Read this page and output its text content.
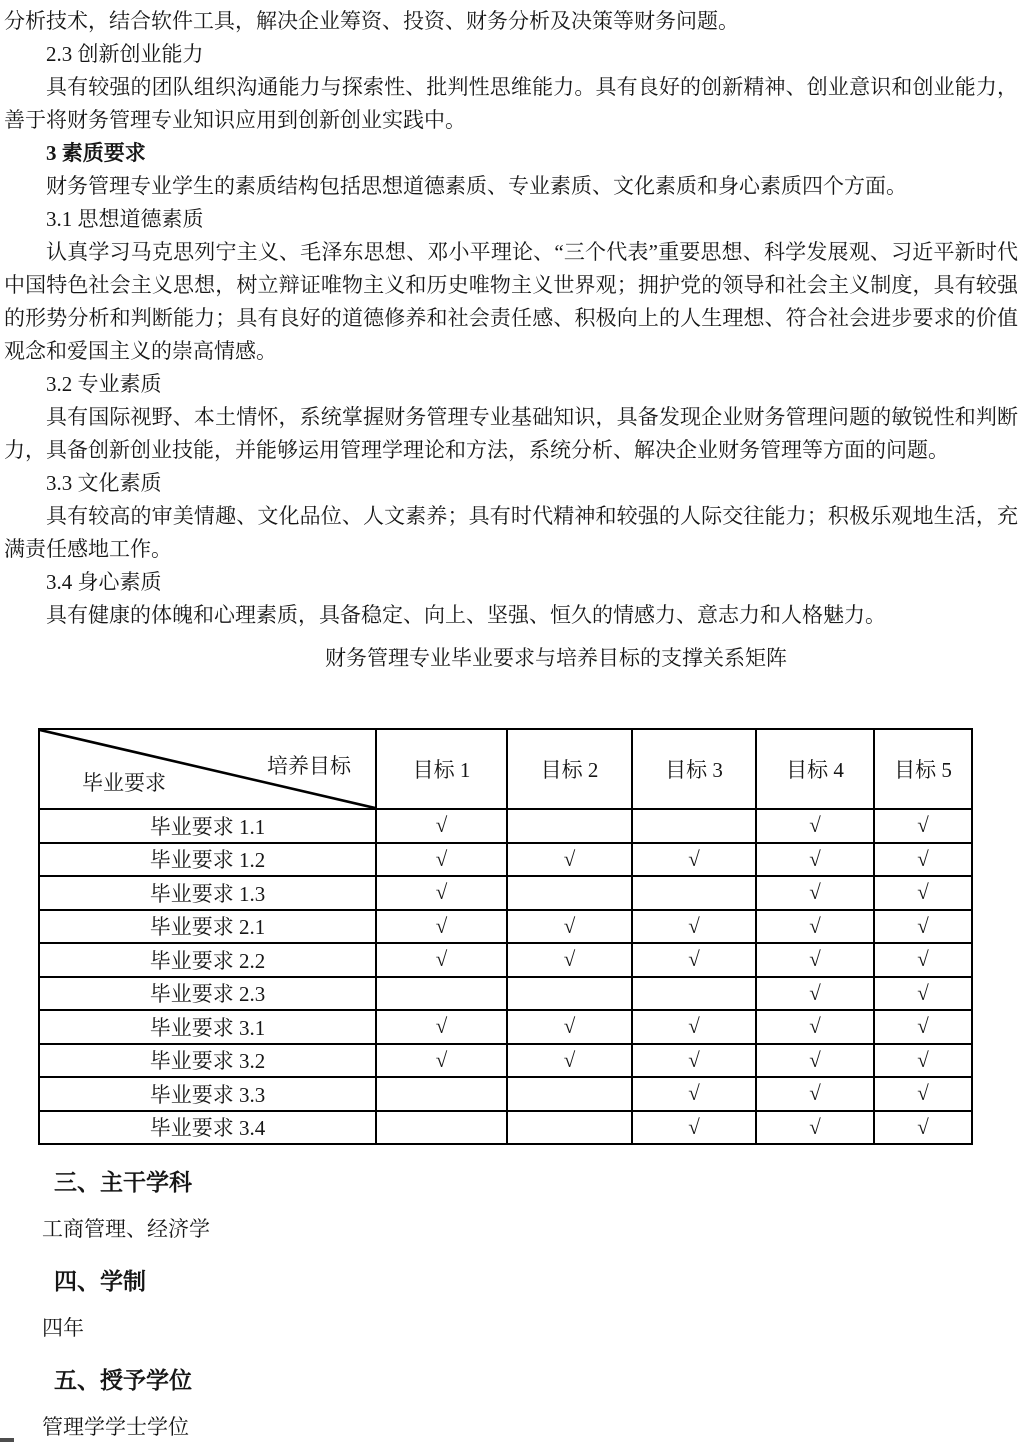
分析技术，结合软件工具，解决企业筹资、投资、财务分析及决策等财务问题。

2.3 创新创业能力

具有较强的团队组织沟通能力与探索性、批判性思维能力。具有良好的创新精神、创业意识和创业能力，善于将财务管理专业知识应用到创新创业实践中。

3 素质要求

财务管理专业学生的素质结构包括思想道德素质、专业素质、文化素质和身心素质四个方面。

3.1 思想道德素质

认真学习马克思列宁主义、毛泽东思想、邓小平理论、“三个代表”重要思想、科学发展观、习近平新时代中国特色社会主义思想，树立辩证唯物主义和历史唯物主义世界观；拥护党的领导和社会主义制度，具有较强的形势分析和判断能力；具有良好的道德修养和社会责任感、积极向上的人生理想、符合社会进步要求的价值观念和爱国主义的崇高情感。

3.2 专业素质

具有国际视野、本土情怀，系统掌握财务管理专业基础知识，具备发现企业财务管理问题的敏锐性和判断力，具备创新创业技能，并能够运用管理学理论和方法，系统分析、解决企业财务管理等方面的问题。

3.3 文化素质

具有较高的审美情趣、文化品位、人文素养；具有时代精神和较强的人际交往能力；积极乐观地生活，充满责任感地工作。

3.4 身心素质

具有健康的体魄和心理素质，具备稳定、向上、坚强、恒久的情感力、意志力和人格魅力。

财务管理专业毕业要求与培养目标的支撑关系矩阵

培养目标
毕业要求	目标 1	目标 2	目标 3	目标 4	目标 5
毕业要求 1.1	√			√	√
毕业要求 1.2	√	√	√	√	√
毕业要求 1.3	√			√	√
毕业要求 2.1	√	√	√	√	√
毕业要求 2.2	√	√	√	√	√
毕业要求 2.3				√	√
毕业要求 3.1	√	√	√	√	√
毕业要求 3.2	√	√	√	√	√
毕业要求 3.3			√	√	√
毕业要求 3.4			√	√	√
三、主干学科

工商管理、经济学

四、学制

四年

五、授予学位

管理学学士学位
